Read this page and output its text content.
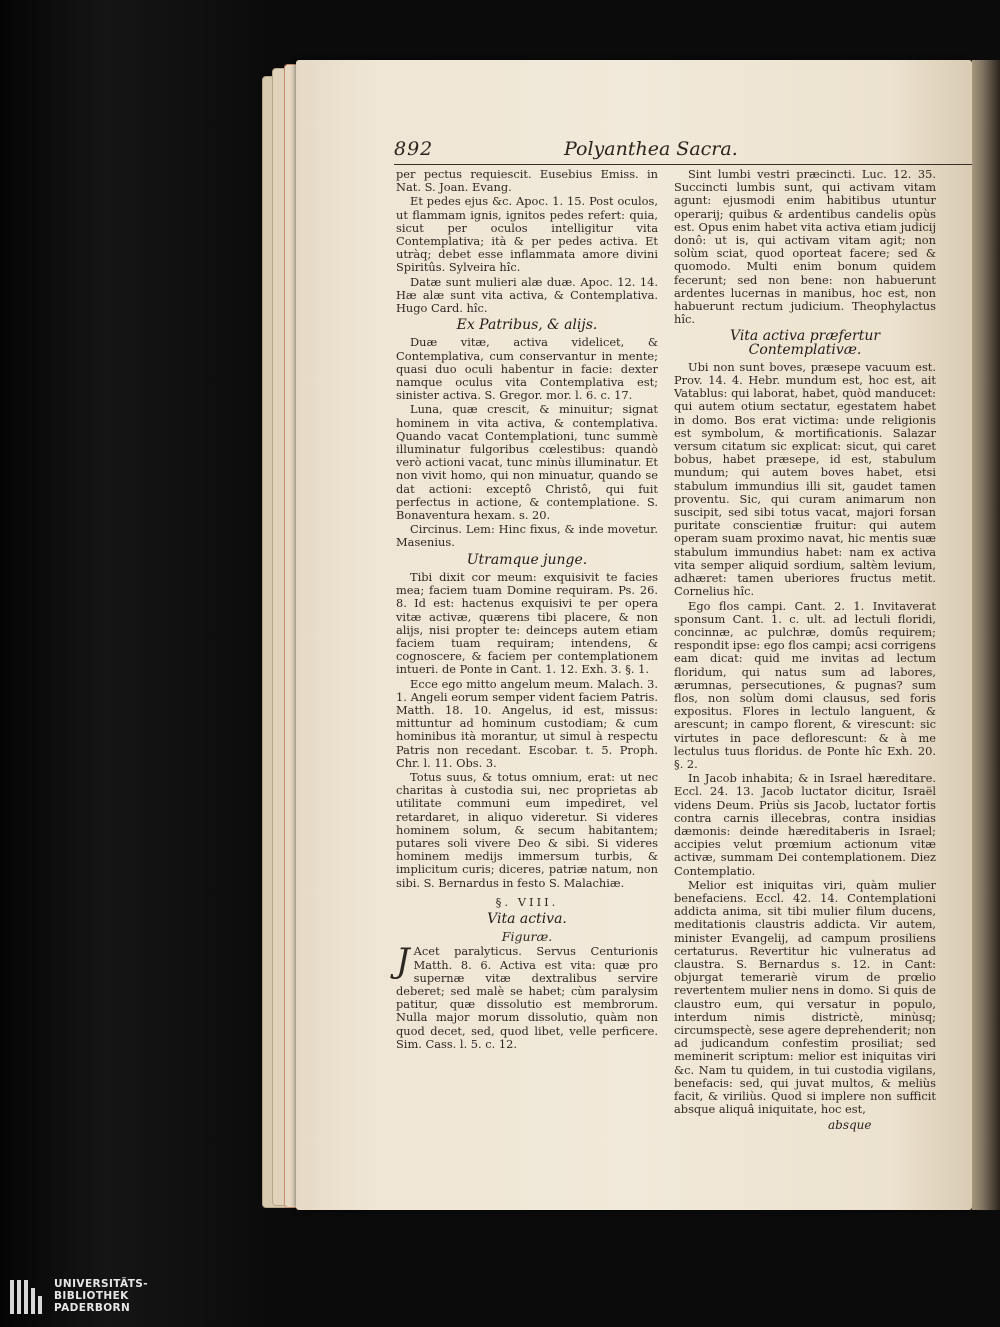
892	Polyanthea Sacra.

per pectus requiescit. Eusebius Emiss. in Nat. S. Joan. Evang.

Et pedes ejus &c. Apoc. 1. 15. Post oculos, ut flammam ignis, ignitos pedes refert: quia, sicut per oculos intelligitur vita Contemplativa; ità & per pedes activa. Et utràq; debet esse inflammata amore divini Spiritûs. Sylveira hîc.

Datæ sunt mulieri alæ duæ. Apoc. 12. 14. Hæ alæ sunt vita activa, & Contemplativa. Hugo Card. hîc.

Ex Patribus, & alijs.

Duæ vitæ, activa videlicet, & Contemplativa, cum conservantur in mente; quasi duo oculi habentur in facie: dexter namque oculus vita Contemplativa est; sinister activa. S. Gregor. mor. l. 6. c. 17.

Luna, quæ crescit, & minuitur; signat hominem in vita activa, & contemplativa. Quando vacat Contemplationi, tunc summè illuminatur fulgoribus cœlestibus: quandò verò actioni vacat, tunc minùs illuminatur. Et non vivit homo, qui non minuatur, quando se dat actioni: exceptô Christô, qui fuit perfectus in actione, & contemplatione. S. Bonaventura hexam. s. 20.

Circinus. Lem: Hinc fixus, & inde movetur. Masenius.

Utramque junge.

Tibi dixit cor meum: exquisivit te facies mea; faciem tuam Domine requiram. Ps. 26. 8. Id est: hactenus exquisivi te per opera vitæ activæ, quærens tibi placere, & non alijs, nisi propter te: deinceps autem etiam faciem tuam requiram; intendens, & cognoscere, & faciem per contemplationem intueri. de Ponte in Cant. 1. 12. Exh. 3. §. 1.

Ecce ego mitto angelum meum. Malach. 3. 1. Angeli eorum semper vident faciem Patris. Matth. 18. 10. Angelus, id est, missus: mittuntur ad hominum custodiam; & cum hominibus ità morantur, ut simul à respectu Patris non recedant. Escobar. t. 5. Proph. Chr. l. 11. Obs. 3.

Totus suus, & totus omnium, erat: ut nec charitas à custodia sui, nec proprietas ab utilitate communi eum impediret, vel retardaret, in aliquo videretur. Si videres hominem solum, & secum habitantem; putares soli vivere Deo & sibi. Si videres hominem medijs immersum turbis, & implicitum curis; diceres, patriæ natum, non sibi. S. Bernardus in festo S. Malachiæ.

§. VIII.
Vita activa.
Figuræ.

J Acet paralyticus. Servus Centurionis Matth. 8. 6. Activa est vita: quæ pro supernæ vitæ dextralibus servire deberet; sed malè se habet; cùm paralysim patitur, quæ dissolutio est membrorum. Nulla major morum dissolutio, quàm non quod decet, sed, quod libet, velle perficere. Sim. Cass. l. 5. c. 12.

Sint lumbi vestri præcincti. Luc. 12. 35. Succincti lumbis sunt, qui activam vitam agunt: ejusmodi enim habitibus utuntur operarij; quibus & ardentibus candelis opùs est. Opus enim habet vita activa etiam judicij donô: ut is, qui activam vitam agit; non solùm sciat, quod oporteat facere; sed & quomodo. Multi enim bonum quidem fecerunt; sed non bene: non habuerunt ardentes lucernas in manibus, hoc est, non habuerunt rectum judicium. Theophylactus hîc.

Vita activa præfertur Contemplativæ.

Ubi non sunt boves, præsepe vacuum est. Prov. 14. 4. Hebr. mundum est, hoc est, ait Vatablus: qui laborat, habet, quòd manducet: qui autem otium sectatur, egestatem habet in domo. Bos erat victima: unde religionis est symbolum, & mortificationis. Salazar versum citatum sic explicat: sicut, qui caret bobus, habet præsepe, id est, stabulum mundum; qui autem boves habet, etsi stabulum immundius illi sit, gaudet tamen proventu. Sic, qui curam animarum non suscipit, sed sibi totus vacat, majori forsan puritate conscientiæ fruitur: qui autem operam suam proximo navat, hic mentis suæ stabulum immundius habet: nam ex activa vita semper aliquid sordium, saltèm levium, adhæret: tamen uberiores fructus metit. Cornelius hîc.

Ego flos campi. Cant. 2. 1. Invitaverat sponsum Cant. 1. c. ult. ad lectuli floridi, concinnæ, ac pulchræ, domûs requirem; respondit ipse: ego flos campi; acsi corrigens eam dicat: quid me invitas ad lectum floridum, qui natus sum ad labores, ærumnas, persecutiones, & pugnas? sum flos, non solùm domi clausus, sed foris expositus. Flores in lectulo languent, & arescunt; in campo florent, & virescunt: sic virtutes in pace deflorescunt: & à me lectulus tuus floridus. de Ponte hîc Exh. 20. §. 2.

In Jacob inhabita; & in Israel hæreditare. Eccl. 24. 13. Jacob luctator dicitur, Israël videns Deum. Priùs sis Jacob, luctator fortis contra carnis illecebras, contra insidias dæmonis: deinde hæreditaberis in Israel; accipies velut prœmium actionum vitæ activæ, summam Dei contemplationem. Diez Contemplatio.

Melior est iniquitas viri, quàm mulier benefaciens. Eccl. 42. 14. Contemplationi addicta anima, sit tibi mulier filum ducens, meditationis claustris addicta. Vir autem, minister Evangelij, ad campum prosiliens certaturus. Revertitur hic vulneratus ad claustra. S. Bernardus s. 12. in Cant: objurgat temerariè virum de prœlio revertentem mulier nens in domo. Si quis de claustro eum, qui versatur in populo, interdum nimis districtè, minùsq; circumspectè, sese agere deprehenderit; non ad judicandum confestim prosiliat; sed meminerit scriptum: melior est iniquitas viri &c. Nam tu quidem, in tui custodia vigilans, benefacis: sed, qui juvat multos, & meliùs facit, & viriliùs. Quod si implere non sufficit absque aliquâ iniquitate, hoc est,

absque
UNIVERSITÄTS-
BIBLIOTHEK
PADERBORN
